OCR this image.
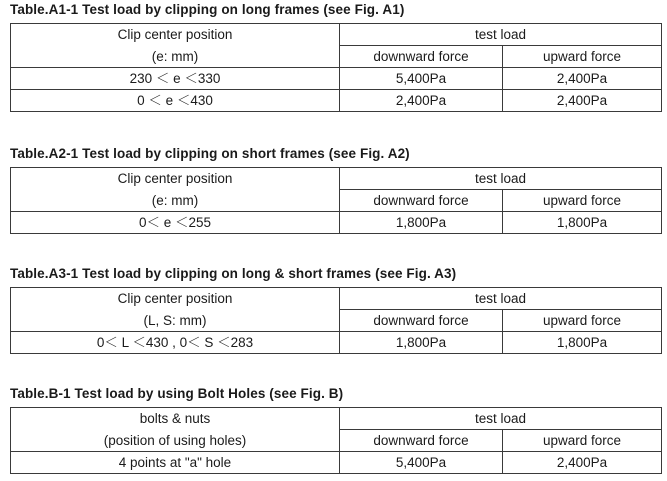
Table.A1-1 Test load by clipping on long frames (see Fig. A1)
Clip center position	test load	
(e: mm)	downward force	upward force
230 ＜ e ＜330	5,400Pa	2,400Pa
0 ＜ e ＜430	2,400Pa	2,400Pa
Table.A2-1 Test load by clipping on short frames (see Fig. A2)
Clip center position	test load	
(e: mm)	downward force	upward force
0＜ e ＜255	1,800Pa	1,800Pa
Table.A3-1 Test load by clipping on long & short frames (see Fig. A3)
Clip center position	test load	
(L, S: mm)	downward force	upward force
0＜ L ＜430 , 0＜ S ＜283	1,800Pa	1,800Pa
Table.B-1 Test load by using Bolt Holes (see Fig. B)
bolts & nuts	test load	
(position of using holes)	downward force	upward force
4 points at "a" hole	5,400Pa	2,400Pa
